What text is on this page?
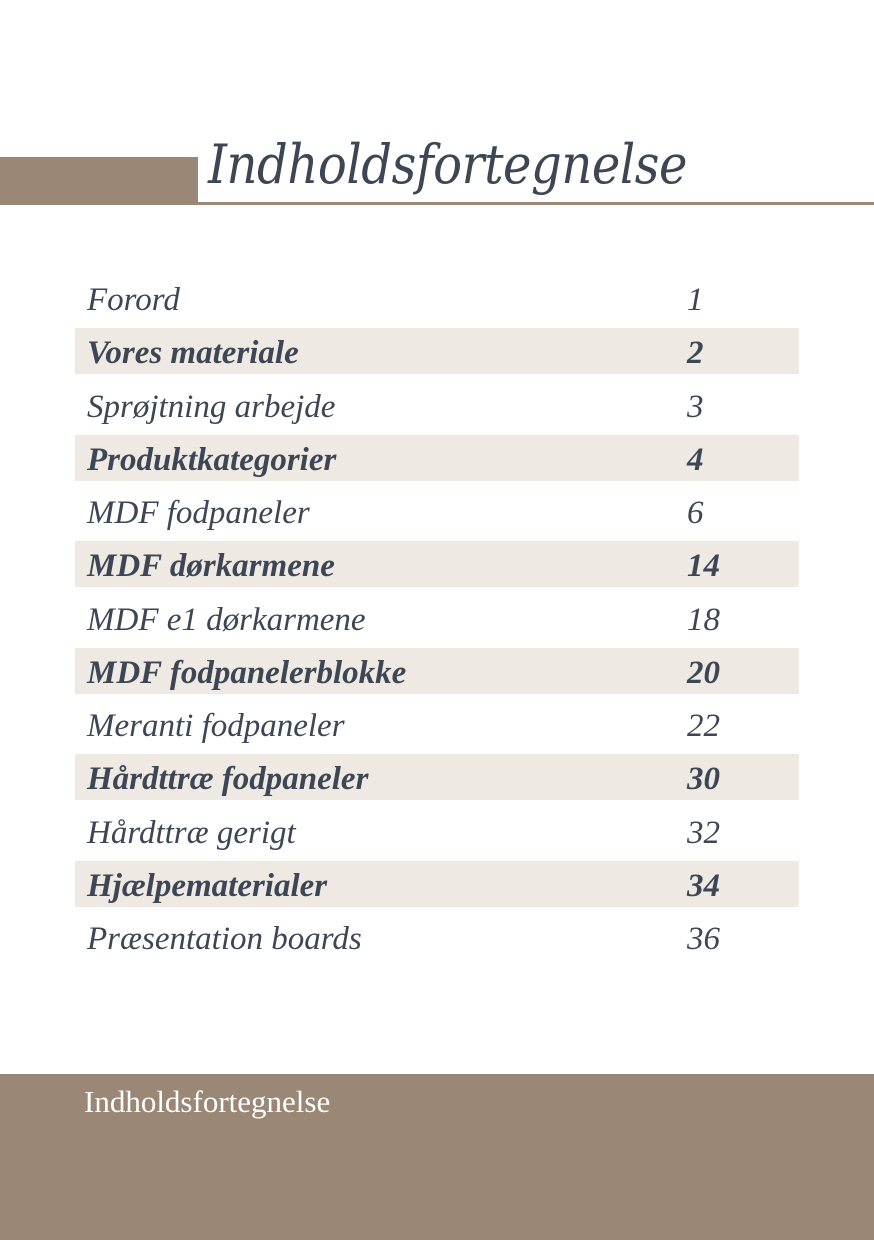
Indholdsfortegnelse
Forord	1
Vores materiale	2
Sprøjtning arbejde	3
Produktkategorier	4
MDF fodpaneler	6
MDF dørkarmene	14
MDF e1 dørkarmene	18
MDF fodpanelerblokke	20
Meranti fodpaneler	22
Hårdttræ fodpaneler	30
Hårdttræ gerigt	32
Hjælpematerialer	34
Præsentation boards	36

Indholdsfortegnelse
